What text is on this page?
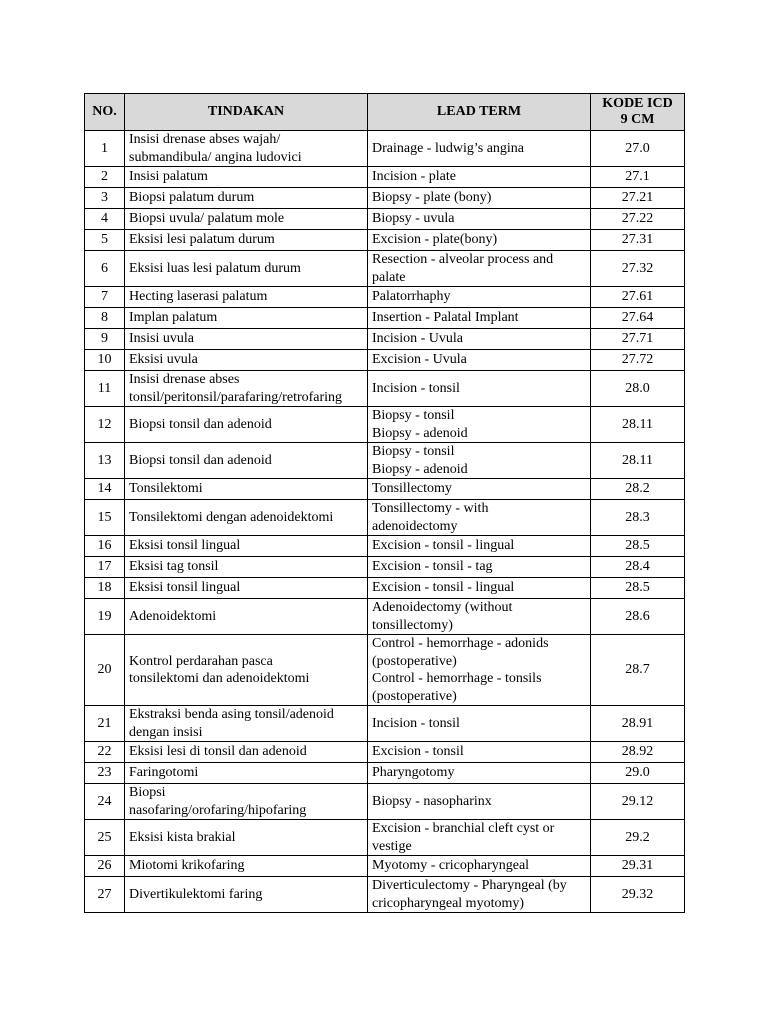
NO.	TINDAKAN	LEAD TERM	KODE ICD
9 CM

1	Insisi drenase abses wajah/
submandibula/ angina ludovici	Drainage - ludwig’s angina	27.0
2	Insisi palatum	Incision - plate	27.1
3	Biopsi palatum durum	Biopsy - plate (bony)	27.21
4	Biopsi uvula/ palatum mole	Biopsy - uvula	27.22
5	Eksisi lesi palatum durum	Excision - plate(bony)	27.31
6	Eksisi luas lesi palatum durum	Resection - alveolar process and
palate	27.32
7	Hecting laserasi palatum	Palatorrhaphy	27.61
8	Implan palatum	Insertion - Palatal Implant	27.64
9	Insisi uvula	Incision - Uvula	27.71
10	Eksisi uvula	Excision - Uvula	27.72
11	Insisi drenase abses
tonsil/peritonsil/parafaring/retrofaring	Incision - tonsil	28.0
12	Biopsi tonsil dan adenoid	Biopsy - tonsil
Biopsy - adenoid	28.11
13	Biopsi tonsil dan adenoid	Biopsy - tonsil
Biopsy - adenoid	28.11
14	Tonsilektomi	Tonsillectomy	28.2
15	Tonsilektomi dengan adenoidektomi	Tonsillectomy - with
adenoidectomy	28.3
16	Eksisi tonsil lingual	Excision - tonsil - lingual	28.5
17	Eksisi tag tonsil	Excision - tonsil - tag	28.4
18	Eksisi tonsil lingual	Excision - tonsil - lingual	28.5
19	Adenoidektomi	Adenoidectomy (without
tonsillectomy)	28.6
20	Kontrol perdarahan pasca
tonsilektomi dan adenoidektomi	Control - hemorrhage - adonids
(postoperative)
Control - hemorrhage - tonsils
(postoperative)	28.7
21	Ekstraksi benda asing tonsil/adenoid
dengan insisi	Incision - tonsil	28.91
22	Eksisi lesi di tonsil dan adenoid	Excision - tonsil	28.92
23	Faringotomi	Pharyngotomy	29.0
24	Biopsi
nasofaring/orofaring/hipofaring	Biopsy - nasopharinx	29.12
25	Eksisi kista brakial	Excision - branchial cleft cyst or
vestige	29.2
26	Miotomi krikofaring	Myotomy - cricopharyngeal	29.31
27	Divertikulektomi faring	Diverticulectomy - Pharyngeal (by
cricopharyngeal myotomy)	29.32
